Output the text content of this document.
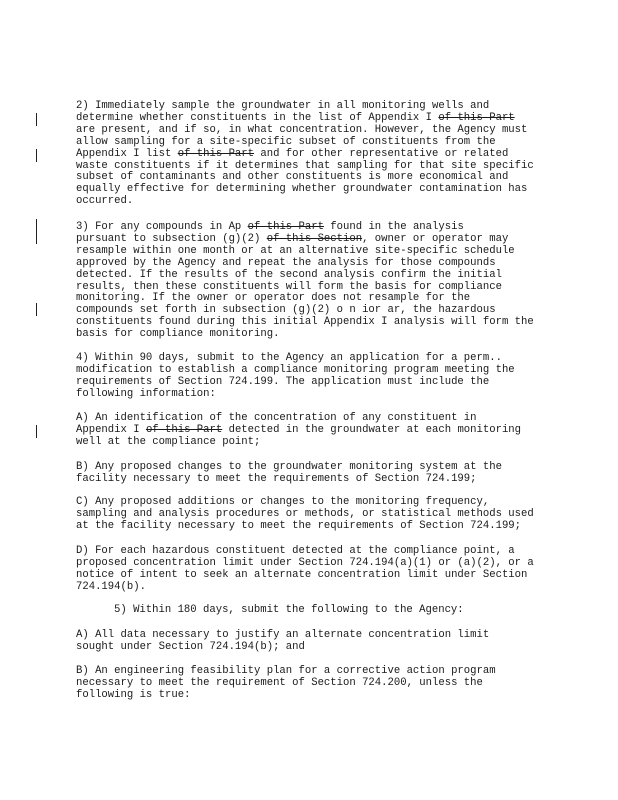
2) Immediately sample the groundwater in all monitoring wells and
determine whether constituents in the list of Appendix I of this Part
are present, and if so, in what concentration. However, the Agency must
allow sampling for a site-specific subset of constituents from the
Appendix I list of this Part and for other representative or related
waste constituents if it determines that sampling for that site specific
subset of contaminants and other constituents is more economical and
equally effective for determining whether groundwater contamination has
occurred.
3) For any compounds in Ap of this Part found in the analysis
pursuant to subsection (g)(2) of this Section, owner or operator may
resample within one month or at an alternative site-specific schedule
approved by the Agency and repeat the analysis for those compounds
detected. If the results of the second analysis confirm the initial
results, then these constituents will form the basis for compliance
monitoring. If the owner or operator does not resample for the
compounds set forth in subsection (g)(2) o n ior ar, the hazardous
constituents found during this initial Appendix I analysis will form the
basis for compliance monitoring.
4) Within 90 days, submit to the Agency an application for a perm..
modification to establish a compliance monitoring program meeting the
requirements of Section 724.199. The application must include the
following information:
A) An identification of the concentration of any constituent in
Appendix I of this Part detected in the groundwater at each monitoring
well at the compliance point;
B) Any proposed changes to the groundwater monitoring system at the
facility necessary to meet the requirements of Section 724.199;
C) Any proposed additions or changes to the monitoring frequency,
sampling and analysis procedures or methods, or statistical methods used
at the facility necessary to meet the requirements of Section 724.199;
D) For each hazardous constituent detected at the compliance point, a
proposed concentration limit under Section 724.194(a)(1) or (a)(2), or a
notice of intent to seek an alternate concentration limit under Section
724.194(b).
5) Within 180 days, submit the following to the Agency:
A) All data necessary to justify an alternate concentration limit
sought under Section 724.194(b); and
B) An engineering feasibility plan for a corrective action program
necessary to meet the requirement of Section 724.200, unless the
following is true:
